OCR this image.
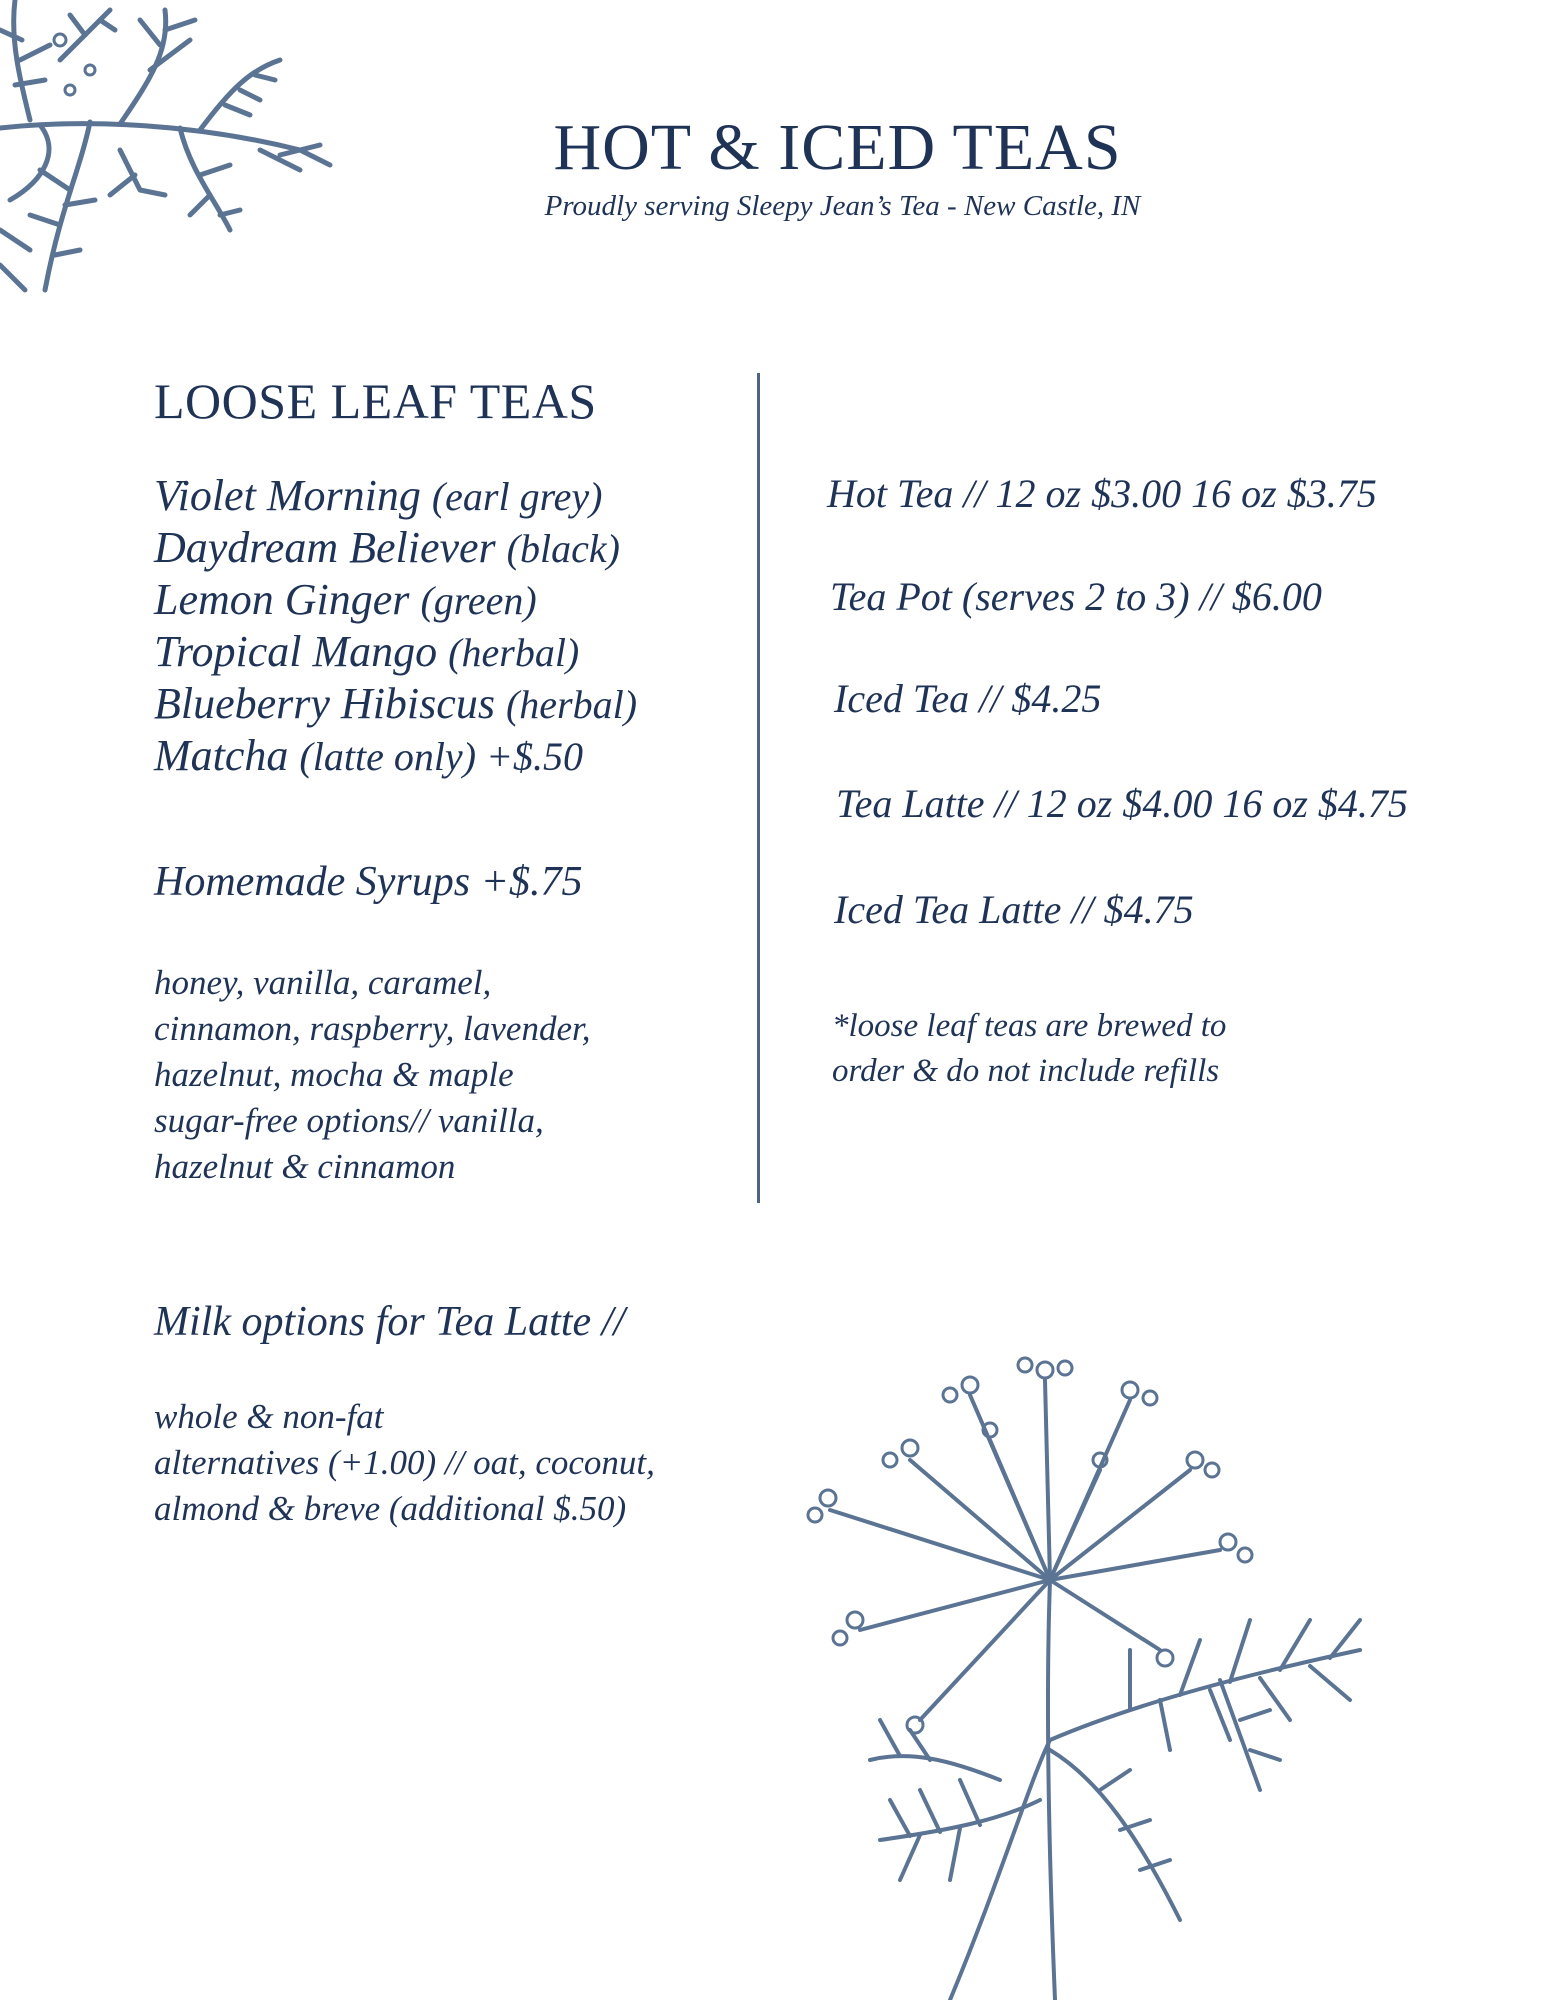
HOT & ICED TEAS
Proudly serving Sleepy Jean’s Tea - New Castle, IN
LOOSE LEAF TEAS
Violet Morning (earl grey)
Daydream Believer (black)
Lemon Ginger (green)
Tropical Mango (herbal)
Blueberry Hibiscus (herbal)
Matcha (latte only) +$.50
Homemade Syrups +$.75
honey, vanilla, caramel,
cinnamon, raspberry, lavender,
hazelnut, mocha & maple
sugar-free options// vanilla,
hazelnut & cinnamon
Hot Tea // 12 oz $3.00 16 oz $3.75
Tea Pot (serves 2 to 3) // $6.00
Iced Tea // $4.25
Tea Latte // 12 oz $4.00 16 oz $4.75
Iced Tea Latte // $4.75
*loose leaf teas are brewed to
order & do not include refills
Milk options for Tea Latte //
whole & non-fat
alternatives (+1.00) // oat, coconut,
almond & breve (additional $.50)
